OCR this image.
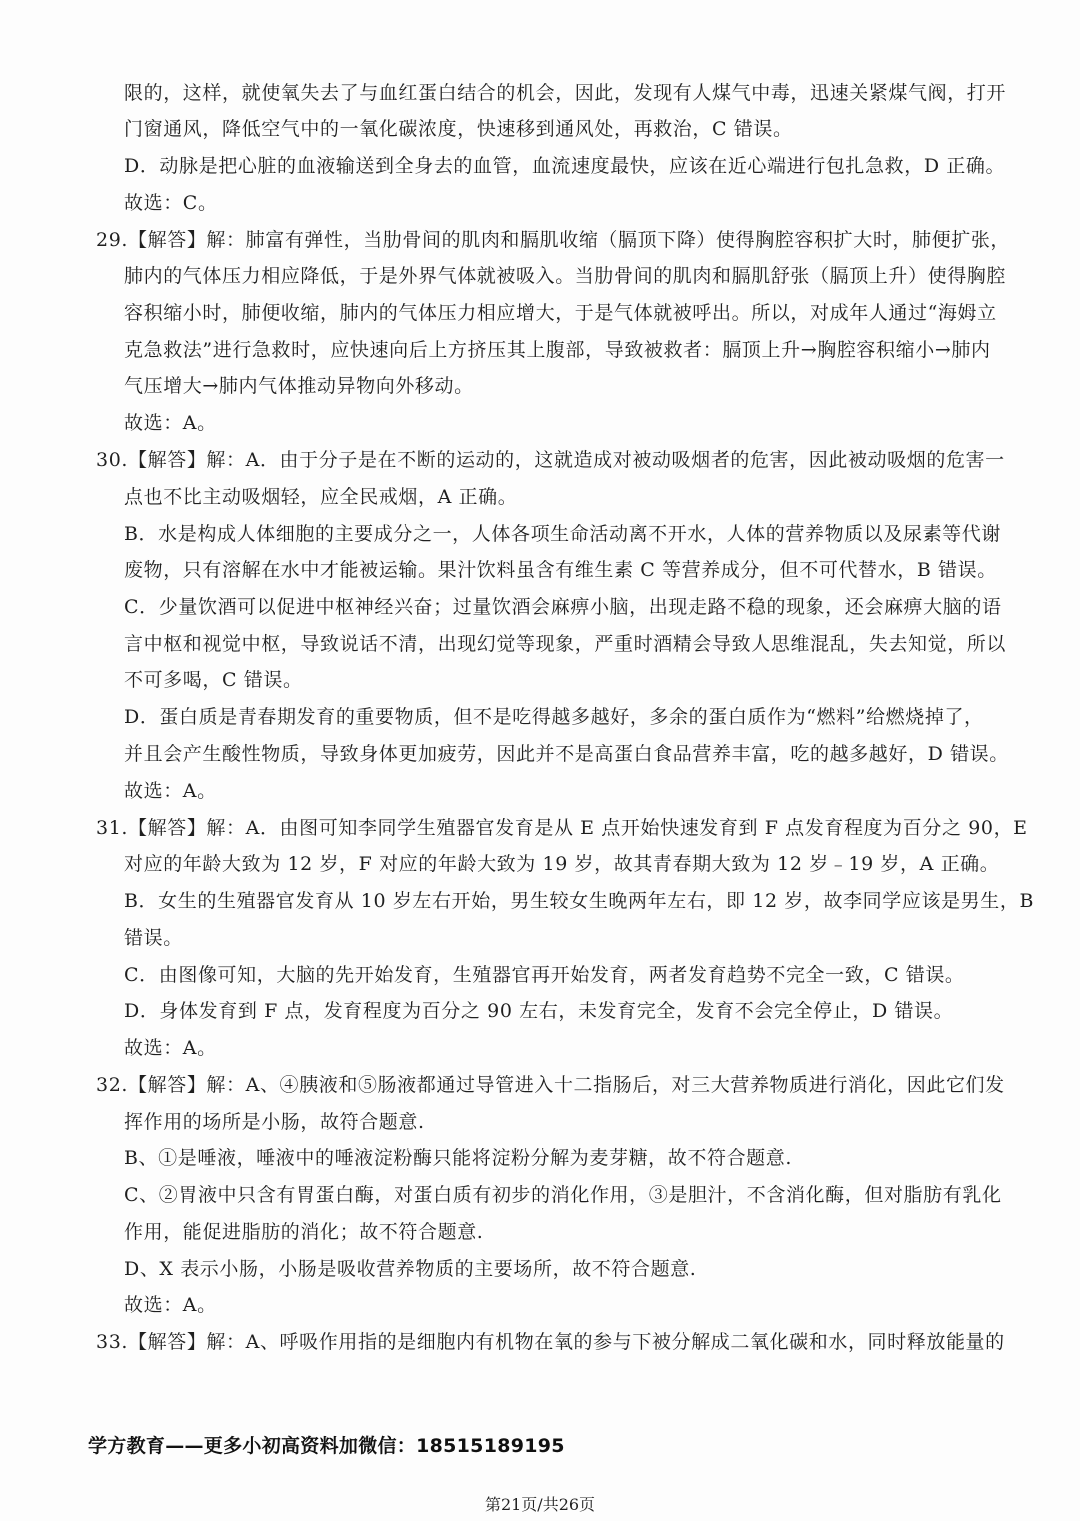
限的，这样，就使氧失去了与血红蛋白结合的机会，因此，发现有人煤气中毒，迅速关紧煤气阀，打开
门窗通风，降低空气中的一氧化碳浓度，快速移到通风处，再救治，C 错误。
D．动脉是把心脏的血液输送到全身去的血管，血流速度最快，应该在近心端进行包扎急救，D 正确。
故选：C。
29.【解答】解：肺富有弹性，当肋骨间的肌肉和膈肌收缩（膈顶下降）使得胸腔容积扩大时，肺便扩张，
肺内的气体压力相应降低，于是外界气体就被吸入。当肋骨间的肌肉和膈肌舒张（膈顶上升）使得胸腔
容积缩小时，肺便收缩，肺内的气体压力相应增大，于是气体就被呼出。所以，对成年人通过“海姆立
克急救法”进行急救时，应快速向后上方挤压其上腹部，导致被救者：膈顶上升→胸腔容积缩小→肺内
气压增大→肺内气体推动异物向外移动。
故选：A。
30.【解答】解：A．由于分子是在不断的运动的，这就造成对被动吸烟者的危害，因此被动吸烟的危害一
点也不比主动吸烟轻，应全民戒烟，A 正确。
B．水是构成人体细胞的主要成分之一，人体各项生命活动离不开水，人体的营养物质以及尿素等代谢
废物，只有溶解在水中才能被运输。果汁饮料虽含有维生素 C 等营养成分，但不可代替水，B 错误。
C．少量饮酒可以促进中枢神经兴奋；过量饮酒会麻痹小脑，出现走路不稳的现象，还会麻痹大脑的语
言中枢和视觉中枢，导致说话不清，出现幻觉等现象，严重时酒精会导致人思维混乱，失去知觉，所以
不可多喝，C 错误。
D．蛋白质是青春期发育的重要物质，但不是吃得越多越好，多余的蛋白质作为“燃料”给燃烧掉了，
并且会产生酸性物质，导致身体更加疲劳，因此并不是高蛋白食品营养丰富，吃的越多越好，D 错误。
故选：A。
31.【解答】解：A．由图可知李同学生殖器官发育是从 E 点开始快速发育到 F 点发育程度为百分之 90，E
对应的年龄大致为 12 岁，F 对应的年龄大致为 19 岁，故其青春期大致为 12 岁﹣19 岁，A 正确。
B．女生的生殖器官发育从 10 岁左右开始，男生较女生晚两年左右，即 12 岁，故李同学应该是男生，B
错误。
C．由图像可知，大脑的先开始发育，生殖器官再开始发育，两者发育趋势不完全一致，C 错误。
D．身体发育到 F 点，发育程度为百分之 90 左右，未发育完全，发育不会完全停止，D 错误。
故选：A。
32.【解答】解：A、④胰液和⑤肠液都通过导管进入十二指肠后，对三大营养物质进行消化，因此它们发
挥作用的场所是小肠，故符合题意.
B、①是唾液，唾液中的唾液淀粉酶只能将淀粉分解为麦芽糖，故不符合题意.
C、②胃液中只含有胃蛋白酶，对蛋白质有初步的消化作用，③是胆汁，不含消化酶，但对脂肪有乳化
作用，能促进脂肪的消化；故不符合题意.
D、X 表示小肠，小肠是吸收营养物质的主要场所，故不符合题意.
故选：A。
33.【解答】解：A、呼吸作用指的是细胞内有机物在氧的参与下被分解成二氧化碳和水，同时释放能量的
学方教育——更多小初高资料加微信：18515189195
第21页/共26页
